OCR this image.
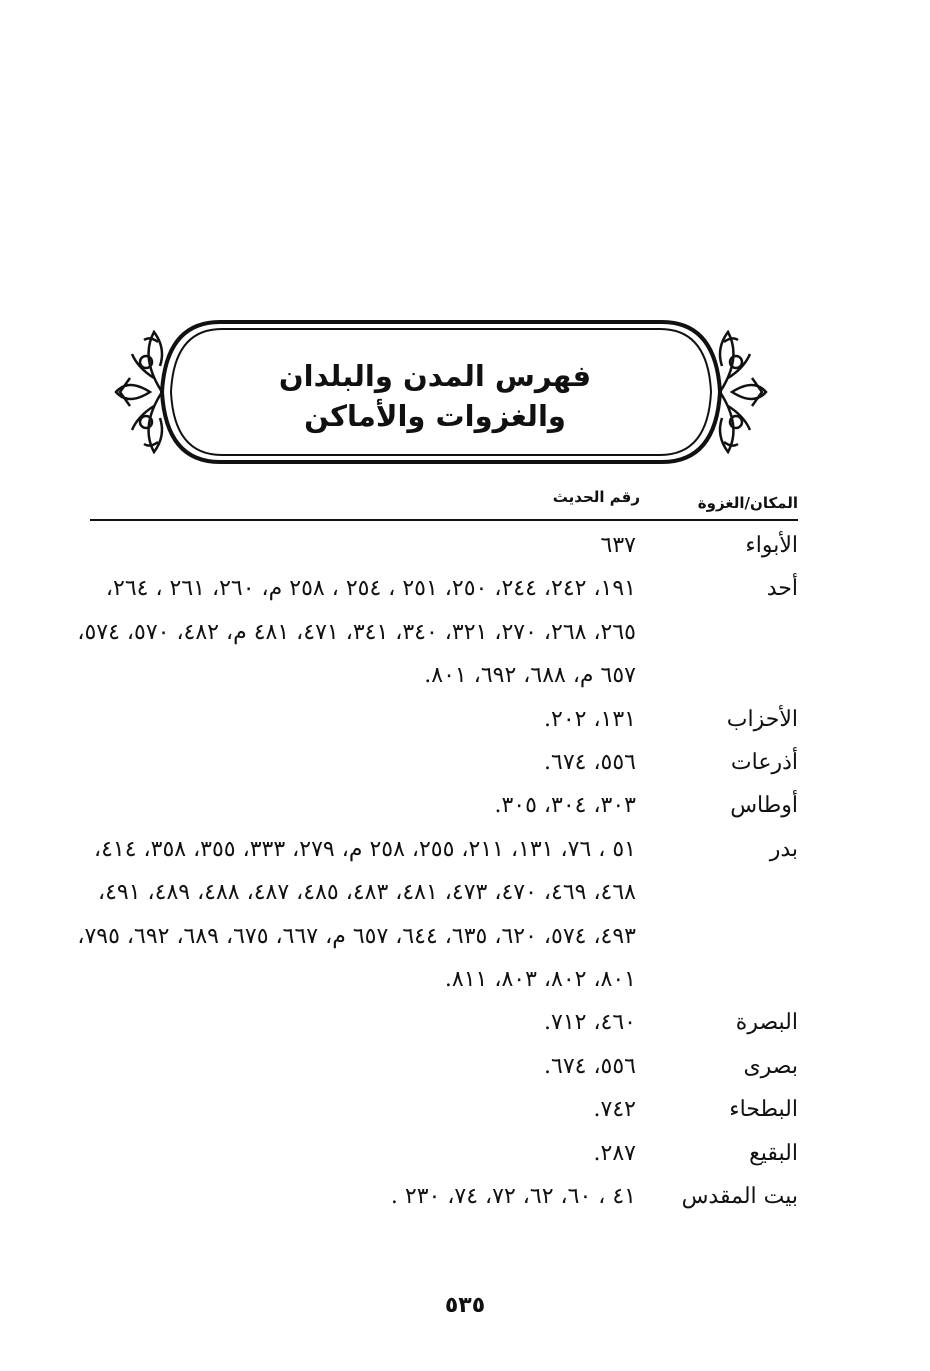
فهرس المدن والبلدان
والغزوات والأماكن
المكان/الغزوة
رقم الحديث
الأبواء
٦٣٧
أحد
١٩١، ٢٤٢، ٢٤٤، ٢٥٠، ٢٥١ ، ٢٥٤ ، ٢٥٨ م، ٢٦٠، ٢٦١ ، ٢٦٤، ٢٦٥، ٢٦٨، ٢٧٠، ٣٢١، ٣٤٠، ٣٤١، ٤٧١، ٤٨١ م، ٤٨٢، ٥٧٠، ٥٧٤، ٦٥٧ م، ٦٨٨، ٦٩٢، ٨٠١.
الأحزاب
١٣١، ٢٠٢.
أذرعات
٥٥٦، ٦٧٤.
أوطاس
٣٠٣، ٣٠٤، ٣٠٥.
بدر
٥١ ، ٧٦، ١٣١، ٢١١، ٢٥٥، ٢٥٨ م، ٢٧٩، ٣٣٣، ٣٥٥، ٣٥٨، ٤١٤، ٤٦٨، ٤٦٩، ٤٧٠، ٤٧٣، ٤٨١، ٤٨٣، ٤٨٥، ٤٨٧، ٤٨٨، ٤٨٩، ٤٩١، ٤٩٣، ٥٧٤، ٦٢٠، ٦٣٥، ٦٤٤، ٦٥٧ م، ٦٦٧، ٦٧٥، ٦٨٩، ٦٩٢، ٧٩٥، ٨٠١، ٨٠٢، ٨٠٣، ٨١١.
البصرة
٤٦٠، ٧١٢.
بصرى
٥٥٦، ٦٧٤.
البطحاء
٧٤٢.
البقيع
٢٨٧.
بيت المقدس
٤١ ، ٦٠، ٦٢، ٧٢، ٧٤، ٢٣٠ .
٥٣٥
